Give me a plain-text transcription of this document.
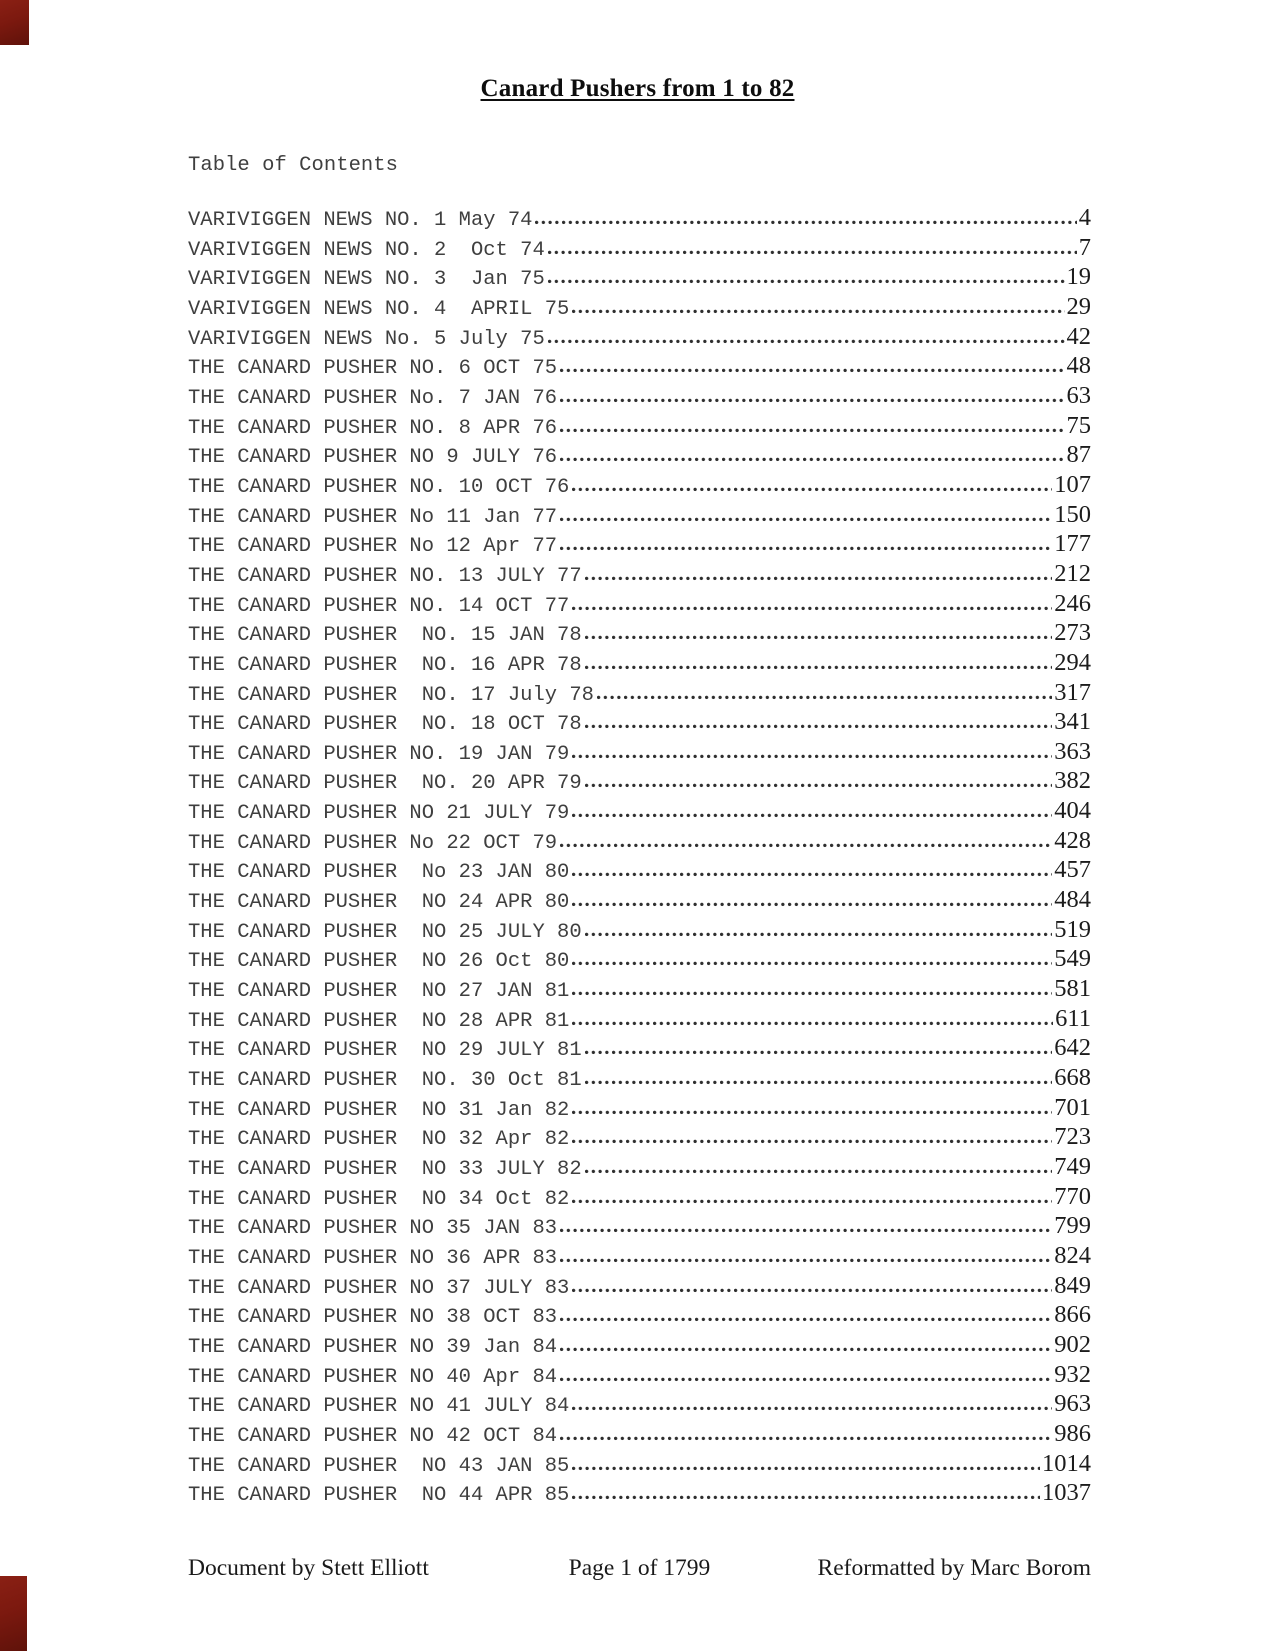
Canard Pushers from 1 to 82
Table of Contents
VARIVIGGEN NEWS NO. 1 May 74	4
VARIVIGGEN NEWS NO. 2  Oct 74	7
VARIVIGGEN NEWS NO. 3  Jan 75	19
VARIVIGGEN NEWS NO. 4  APRIL 75	29
VARIVIGGEN NEWS No. 5 July 75	42
THE CANARD PUSHER NO. 6 OCT 75	48
THE CANARD PUSHER No. 7 JAN 76	63
THE CANARD PUSHER NO. 8 APR 76	75
THE CANARD PUSHER NO 9 JULY 76	87
THE CANARD PUSHER NO. 10 OCT 76	107
THE CANARD PUSHER No 11 Jan 77	150
THE CANARD PUSHER No 12 Apr 77	177
THE CANARD PUSHER NO. 13 JULY 77	212
THE CANARD PUSHER NO. 14 OCT 77	246
THE CANARD PUSHER  NO. 15 JAN 78	273
THE CANARD PUSHER  NO. 16 APR 78	294
THE CANARD PUSHER  NO. 17 July 78	317
THE CANARD PUSHER  NO. 18 OCT 78	341
THE CANARD PUSHER NO. 19 JAN 79	363
THE CANARD PUSHER  NO. 20 APR 79	382
THE CANARD PUSHER NO 21 JULY 79	404
THE CANARD PUSHER No 22 OCT 79	428
THE CANARD PUSHER  No 23 JAN 80	457
THE CANARD PUSHER  NO 24 APR 80	484
THE CANARD PUSHER  NO 25 JULY 80	519
THE CANARD PUSHER  NO 26 Oct 80	549
THE CANARD PUSHER  NO 27 JAN 81	581
THE CANARD PUSHER  NO 28 APR 81	611
THE CANARD PUSHER  NO 29 JULY 81	642
THE CANARD PUSHER  NO. 30 Oct 81	668
THE CANARD PUSHER  NO 31 Jan 82	701
THE CANARD PUSHER  NO 32 Apr 82	723
THE CANARD PUSHER  NO 33 JULY 82	749
THE CANARD PUSHER  NO 34 Oct 82	770
THE CANARD PUSHER NO 35 JAN 83	799
THE CANARD PUSHER NO 36 APR 83	824
THE CANARD PUSHER NO 37 JULY 83	849
THE CANARD PUSHER NO 38 OCT 83	866
THE CANARD PUSHER NO 39 Jan 84	902
THE CANARD PUSHER NO 40 Apr 84	932
THE CANARD PUSHER NO 41 JULY 84	963
THE CANARD PUSHER NO 42 OCT 84	986
THE CANARD PUSHER  NO 43 JAN 85	1014
THE CANARD PUSHER  NO 44 APR 85	1037
Document by Stett Elliott	Page 1 of 1799	Reformatted by Marc Borom
